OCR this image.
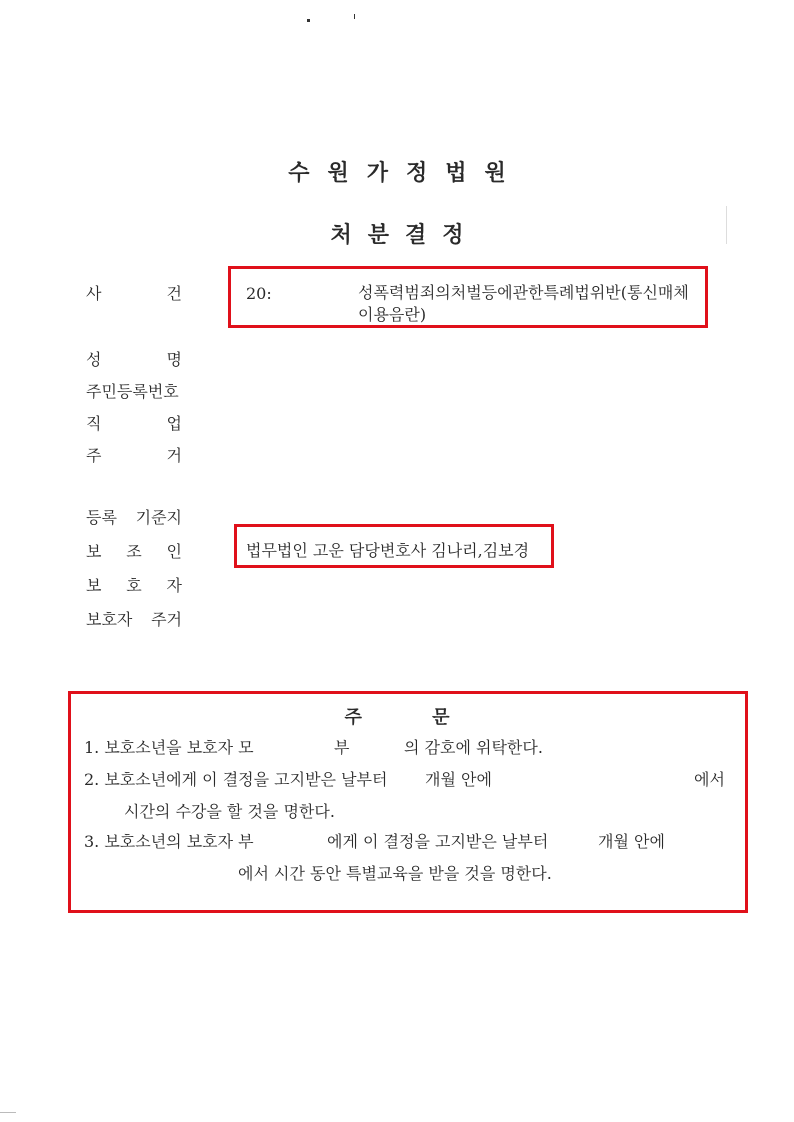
수원가정법원
처분결정
사	건	20:	성폭력범죄의처벌등에관한특례법위반(통신매체이용음란)
성	명
주민등록번호
직	업
주	거
등록 기준지
보 조 인	법무법인 고운 담당변호사 김나리,김보경
보 호 자
보호자 주거
주 문
1. 보호소년을 보호자 모	부	의 감호에 위탁한다.
2. 보호소년에게 이 결정을 고지받은 날부터 개월 안에	에서
시간의 수강을 할 것을 명한다.
3. 보호소년의 보호자 부	에게 이 결정을 고지받은 날부터	개월 안에
에서 시간 동안 특별교육을 받을 것을 명한다.
